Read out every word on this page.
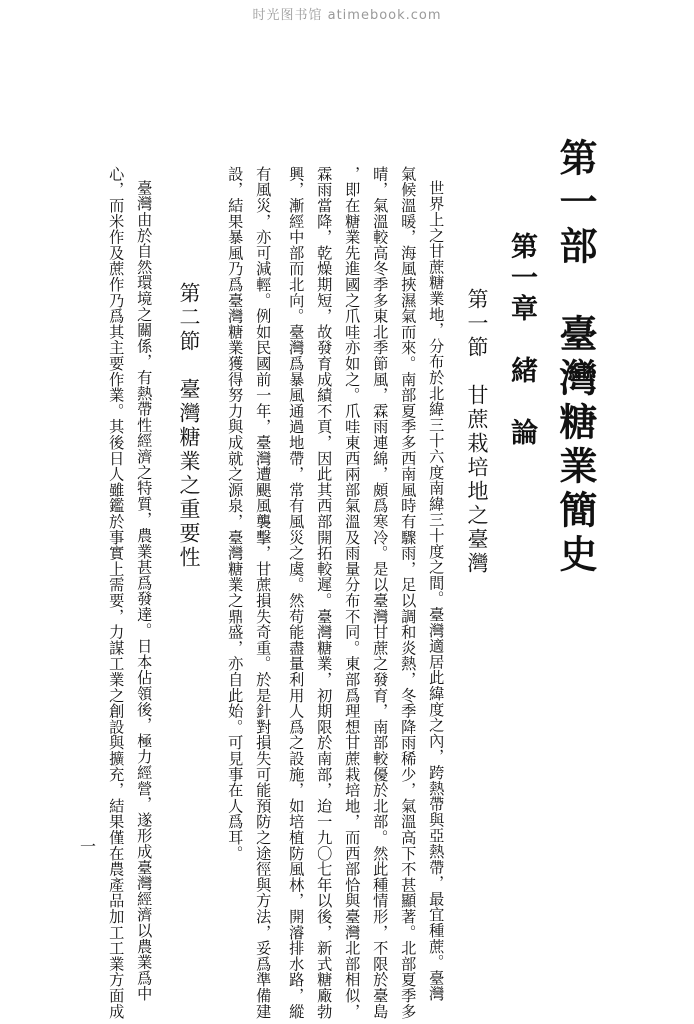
时光图书馆 atimebook.com
第一部　臺灣糖業簡史
第一章　緒　論
第一節　甘蔗栽培地之臺灣
世界上之甘蔗糖業地，分布於北緯三十六度南緯三十度之間。臺灣適居此緯度之內，跨熱帶與亞熱帶，最宜種蔗。臺灣
氣候溫暖，海風挾濕氣而來。南部夏季多西南風時有驟雨，足以調和炎熱，冬季降雨稀少，氣溫高下不甚顯著。北部夏季多
晴，氣溫較高冬季多東北季節風，霖雨連綿，頗爲寒冷。是以臺灣甘蔗之發育，南部較優於北部。然此種情形，不限於臺島
，即在糖業先進國之爪哇亦如之。爪哇東西兩部氣溫及雨量分布不同。東部爲理想甘蔗栽培地，而西部恰與臺灣北部相似，
霖雨當降，乾燥期短，故發育成績不頁，因此其西部開拓較遲。臺灣糖業，初期限於南部，迨一九〇七年以後，新式糖廠勃
興，漸經中部而北向。臺灣爲暴風通過地帶，常有風災之虞。然苟能盡量利用人爲之設施，如培植防風林，開濬排水路，縱
有風災，亦可減輕。例如民國前一年，臺灣遭颶風襲擊，甘蔗損失奇重。於是針對損失可能預防之途徑與方法，妥爲準備建
設，結果暴風乃爲臺灣糖業獲得努力與成就之源泉，臺灣糖業之鼎盛，亦自此始。可見事在人爲耳。
第二節　臺灣糖業之重要性
臺灣由於自然環境之關係，有熱帶性經濟之特質，農業甚爲發達。日本佔領後，極力經營，遂形成臺灣經濟以農業爲中
心，而米作及蔗作乃爲其主要作業。其後日人雖鑑於事實上需要，力謀工業之創設與擴充，結果僅在農產品加工工業方面成
一
